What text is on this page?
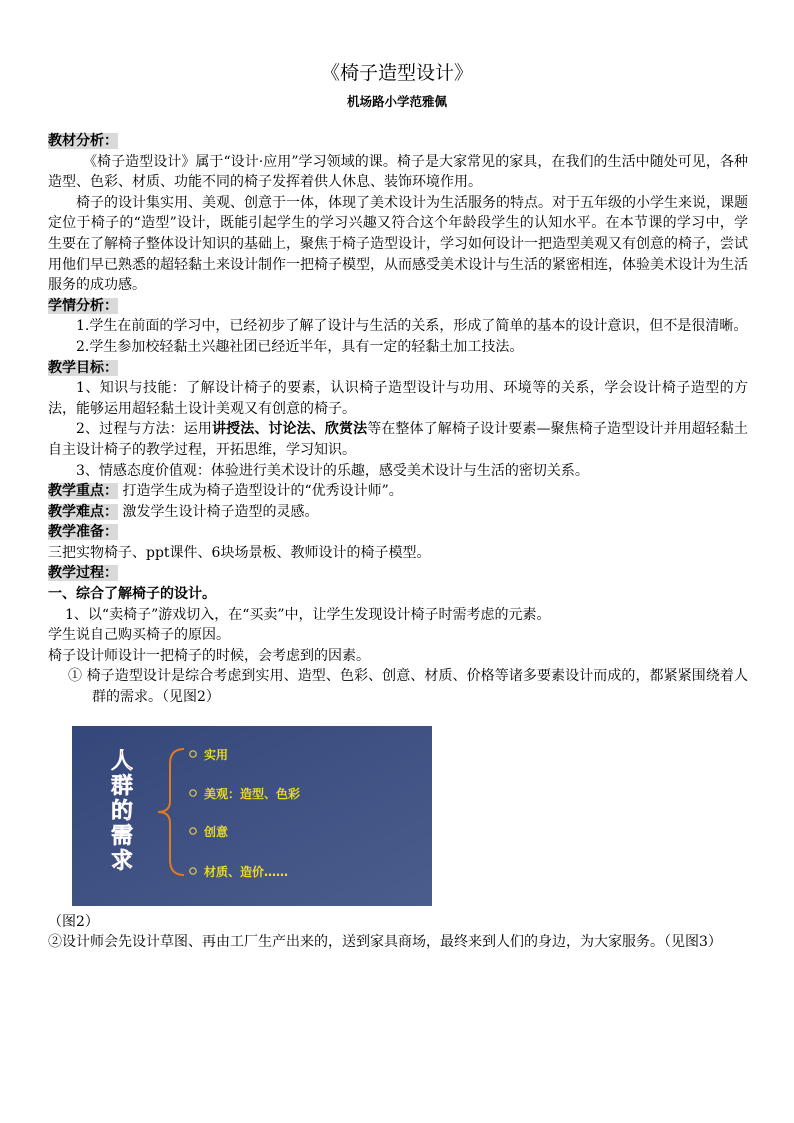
《椅子造型设计》
机场路小学范雅佩

教材分析：

《椅子造型设计》属于“设计·应用”学习领域的课。椅子是大家常见的家具，在我们的生活中随处可见，各种造型、色彩、材质、功能不同的椅子发挥着供人休息、装饰环境作用。

椅子的设计集实用、美观、创意于一体，体现了美术设计为生活服务的特点。对于五年级的小学生来说，课题定位于椅子的“造型”设计，既能引起学生的学习兴趣又符合这个年龄段学生的认知水平。在本节课的学习中，学生要在了解椅子整体设计知识的基础上，聚焦于椅子造型设计，学习如何设计一把造型美观又有创意的椅子，尝试用他们早已熟悉的超轻黏土来设计制作一把椅子模型，从而感受美术设计与生活的紧密相连，体验美术设计为生活服务的成功感。

学情分析：

1.学生在前面的学习中，已经初步了解了设计与生活的关系，形成了简单的基本的设计意识，但不是很清晰。

2.学生参加校轻黏土兴趣社团已经近半年，具有一定的轻黏土加工技法。

教学目标：

1、知识与技能：了解设计椅子的要素，认识椅子造型设计与功用、环境等的关系，学会设计椅子造型的方法，能够运用超轻黏土设计美观又有创意的椅子。

2、过程与方法：运用讲授法、讨论法、欣赏法等在整体了解椅子设计要素—聚焦椅子造型设计并用超轻黏土自主设计椅子的教学过程，开拓思维，学习知识。

3、情感态度价值观：体验进行美术设计的乐趣，感受美术设计与生活的密切关系。

教学重点： 打造学生成为椅子造型设计的“优秀设计师”。

教学难点： 激发学生设计椅子造型的灵感。

教学准备：

三把实物椅子、ppt课件、6块场景板、教师设计的椅子模型。

教学过程：

一、综合了解椅子的设计。

1、以“卖椅子”游戏切入，在“买卖”中，让学生发现设计椅子时需考虑的元素。

学生说自己购买椅子的原因。

椅子设计师设计一把椅子的时候，会考虑到的因素。

① 椅子造型设计是综合考虑到实用、造型、色彩、创意、材质、价格等诸多要素设计而成的，都紧紧围绕着人群的需求。（见图2）

人
群
的
需
求
实用
美观：造型、色彩
创意
材质、造价……

（图2）

②设计师会先设计草图、再由工厂生产出来的，送到家具商场，最终来到人们的身边，为大家服务。（见图3）
